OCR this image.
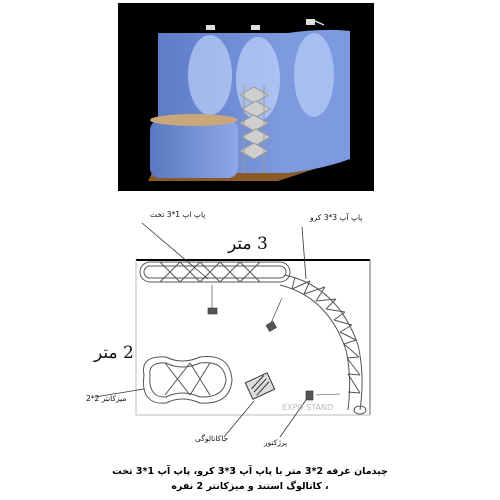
EXPO STAND
پاپ اپ 1*3 تخت	پاپ آپ 3*3 کرو
3 متر
2 متر
میزکانتر 2*2
جاکاتالوگی	پرژکتور
چیدمان غرفه 2*3 متر با پاپ آپ 3*3 کرو، پاپ آپ 1*3 تخت
، کاتالوگ استند و میزکانتر 2 نفره
